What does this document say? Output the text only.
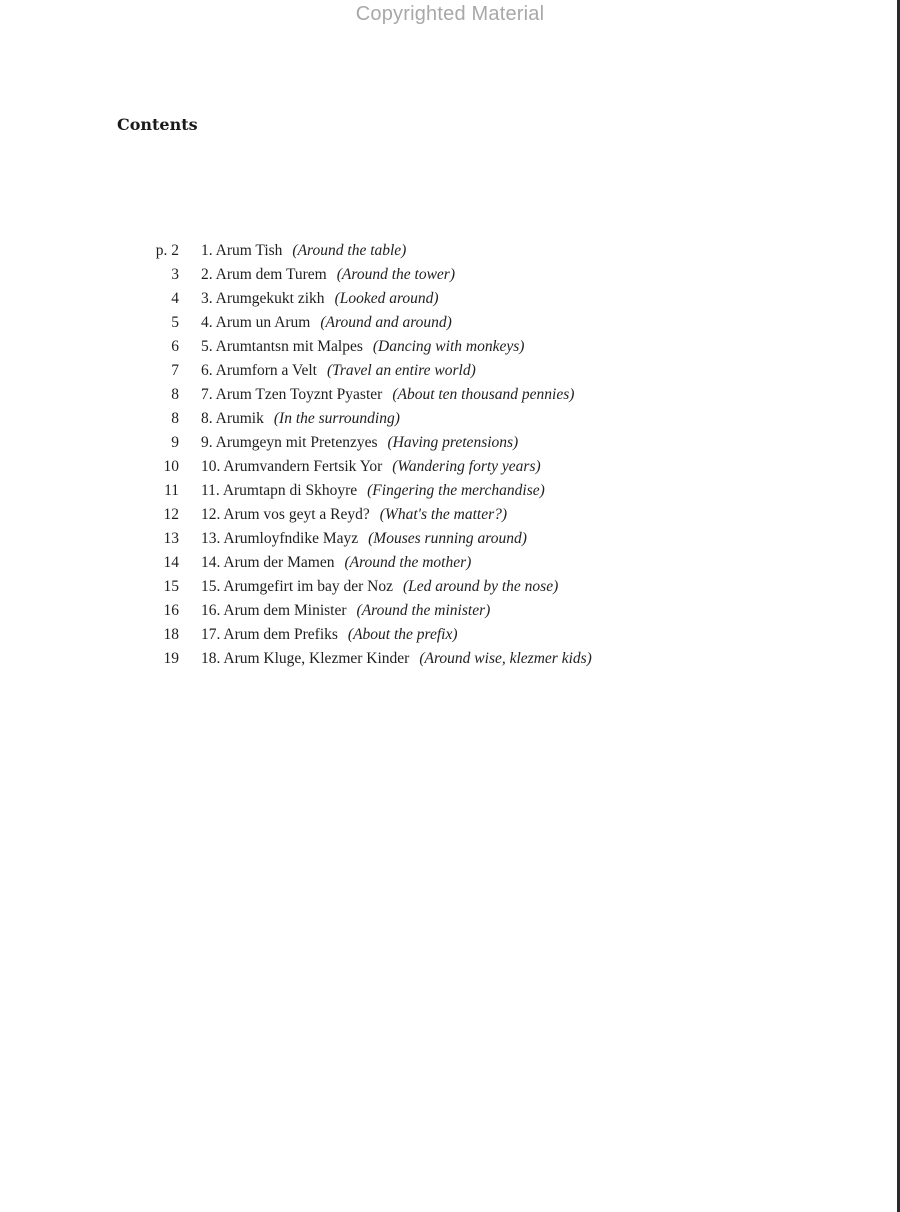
Copyrighted Material
Contents
p. 2 1. Arum Tish (Around the table)
3 2. Arum dem Turem (Around the tower)
4 3. Arumgekukt zikh (Looked around)
5 4. Arum un Arum (Around and around)
6 5. Arumtantsn mit Malpes (Dancing with monkeys)
7 6. Arumforn a Velt (Travel an entire world)
8 7. Arum Tzen Toyznt Pyaster (About ten thousand pennies)
8 8. Arumik (In the surrounding)
9 9. Arumgeyn mit Pretenzyes (Having pretensions)
10 10. Arumvandern Fertsik Yor (Wandering forty years)
11 11. Arumtapn di Skhoyre (Fingering the merchandise)
12 12. Arum vos geyt a Reyd? (What's the matter?)
13 13. Arumloyfndike Mayz (Mouses running around)
14 14. Arum der Mamen (Around the mother)
15 15. Arumgefirt im bay der Noz (Led around by the nose)
16 16. Arum dem Minister (Around the minister)
18 17. Arum dem Prefiks (About the prefix)
19 18. Arum Kluge, Klezmer Kinder (Around wise, klezmer kids)
